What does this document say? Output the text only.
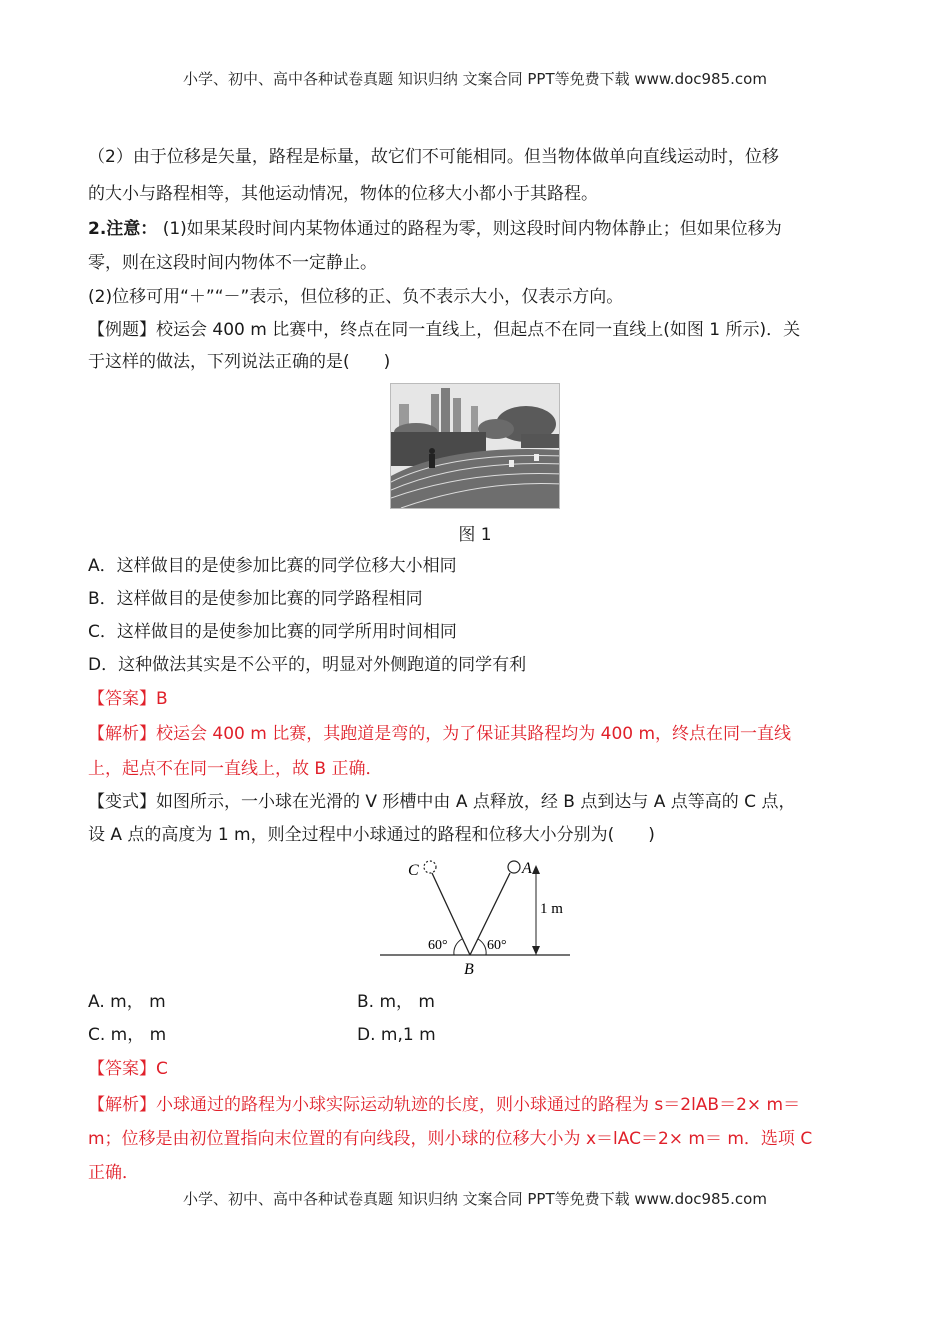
小学、初中、高中各种试卷真题 知识归纳 文案合同 PPT等免费下载 www.doc985.com
（2）由于位移是矢量，路程是标量，故它们不可能相同。但当物体做单向直线运动时，位移
的大小与路程相等，其他运动情况，物体的位移大小都小于其路程。
2.注意： (1)如果某段时间内某物体通过的路程为零，则这段时间内物体静止；但如果位移为
零，则在这段时间内物体不一定静止。
(2)位移可用“＋”“－”表示，但位移的正、负不表示大小，仅表示方向。
【例题】校运会 400 m 比赛中，终点在同一直线上，但起点不在同一直线上(如图 1 所示)．关
于这样的做法，下列说法正确的是(　　)
图 1
A．这样做目的是使参加比赛的同学位移大小相同
B．这样做目的是使参加比赛的同学路程相同
C．这样做目的是使参加比赛的同学所用时间相同
D．这种做法其实是不公平的，明显对外侧跑道的同学有利
【答案】B
【解析】校运会 400 m 比赛，其跑道是弯的，为了保证其路程均为 400 m，终点在同一直线
上，起点不在同一直线上，故 B 正确．
【变式】如图所示，一小球在光滑的 V 形槽中由 A 点释放，经 B 点到达与 A 点等高的 C 点，
设 A 点的高度为 1 m，则全过程中小球通过的路程和位移大小分别为(　　)
C	A
B
1 m
60°	60°
A. m， m	B. m， m
C. m， m	D. m,1 m
【答案】C
【解析】小球通过的路程为小球实际运动轨迹的长度，则小球通过的路程为 s＝2lAB＝2× m＝
m；位移是由初位置指向末位置的有向线段，则小球的位移大小为 x＝lAC＝2× m＝ m．选项 C
正确．
小学、初中、高中各种试卷真题 知识归纳 文案合同 PPT等免费下载 www.doc985.com
